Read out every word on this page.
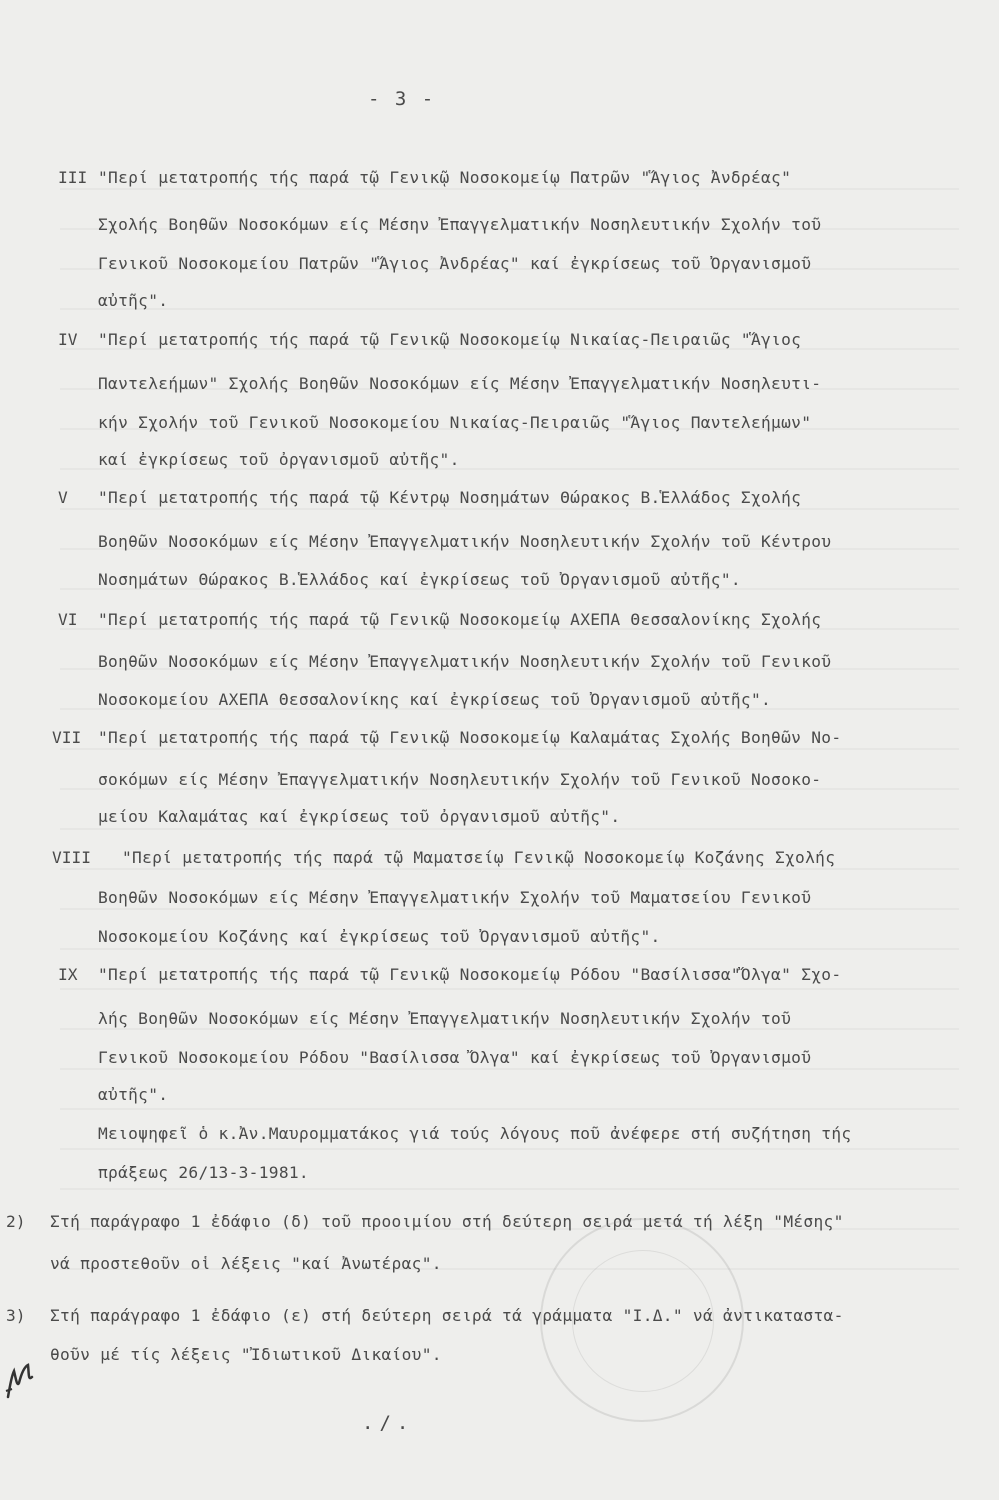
- 3 -
III "Περί μετατροπής τής παρά τῷ Γενικῷ Νοσοκομείῳ Πατρῶν "Ἅγιος Ἀνδρέας"
Σχολής Βοηθῶν Νοσοκόμων είς Μέσην Ἐπαγγελματικήν Νοσηλευτικήν Σχολήν τοῦ
Γενικοῦ Νοσοκομείου Πατρῶν "Ἅγιος Ἀνδρέας" καί ἐγκρίσεως τοῦ Ὀργανισμοῦ
αὐτῆς".
IV "Περί μετατροπής τής παρά τῷ Γενικῷ Νοσοκομείῳ Νικαίας-Πειραιῶς "Ἅγιος
Παντελεήμων" Σχολής Βοηθῶν Νοσοκόμων είς Μέσην Ἐπαγγελματικήν Νοσηλευτι-
κήν Σχολήν τοῦ Γενικοῦ Νοσοκομείου Νικαίας-Πειραιῶς "Ἅγιος Παντελεήμων"
καί ἐγκρίσεως τοῦ ὀργανισμοῦ αὐτῆς".
V "Περί μετατροπής τής παρά τῷ Κέντρῳ Νοσημάτων Θώρακος Β.Ἑλλάδος Σχολής
Βοηθῶν Νοσοκόμων είς Μέσην Ἐπαγγελματικήν Νοσηλευτικήν Σχολήν τοῦ Κέντρου
Νοσημάτων Θώρακος Β.Ἑλλάδος καί ἐγκρίσεως τοῦ Ὀργανισμοῦ αὐτῆς".
VI "Περί μετατροπής τής παρά τῷ Γενικῷ Νοσοκομείῳ ΑΧΕΠΑ Θεσσαλονίκης Σχολής
Βοηθῶν Νοσοκόμων είς Μέσην Ἐπαγγελματικήν Νοσηλευτικήν Σχολήν τοῦ Γενικοῦ
Νοσοκομείου ΑΧΕΠΑ Θεσσαλονίκης καί ἐγκρίσεως τοῦ Ὀργανισμοῦ αὐτῆς".
VII "Περί μετατροπής τής παρά τῷ Γενικῷ Νοσοκομείῳ Καλαμάτας Σχολής Βοηθῶν Νο-
σοκόμων είς Μέσην Ἐπαγγελματικήν Νοσηλευτικήν Σχολήν τοῦ Γενικοῦ Νοσοκο-
μείου Καλαμάτας καί ἐγκρίσεως τοῦ ὀργανισμοῦ αὐτῆς".
VIII "Περί μετατροπής τής παρά τῷ Μαματσείῳ Γενικῷ Νοσοκομείῳ Κοζάνης Σχολής
Βοηθῶν Νοσοκόμων είς Μέσην Ἐπαγγελματικήν Σχολήν τοῦ Μαματσείου Γενικοῦ
Νοσοκομείου Κοζάνης καί ἐγκρίσεως τοῦ Ὀργανισμοῦ αὐτῆς".
IX "Περί μετατροπής τής παρά τῷ Γενικῷ Νοσοκομείῳ Ρόδου "Βασίλισσα"Ὄλγα" Σχο-
λής Βοηθῶν Νοσοκόμων είς Μέσην Ἐπαγγελματικήν Νοσηλευτικήν Σχολήν τοῦ
Γενικοῦ Νοσοκομείου Ρόδου "Βασίλισσα Ὄλγα" καί ἐγκρίσεως τοῦ Ὀργανισμοῦ
αὐτῆς".
Μειοψηφεῖ ὁ κ.Ἀν.Μαυρομματάκος γιά τούς λόγους ποῦ ἀνέφερε στή συζήτηση τής
πράξεως 26/13-3-1981.
2) Στή παράγραφο 1 ἐδάφιο (δ) τοῦ προοιμίου στή δεύτερη σειρά μετά τή λέξη "Μέσης"
νά προστεθοῦν οἱ λέξεις "καί Ἀνωτέρας".
3) Στή παράγραφο 1 ἐδάφιο (ε) στή δεύτερη σειρά τά γράμματα "Ι.Δ." νά ἀντικαταστα-
θοῦν μέ τίς λέξεις "Ἰδιωτικοῦ Δικαίου".
./.
